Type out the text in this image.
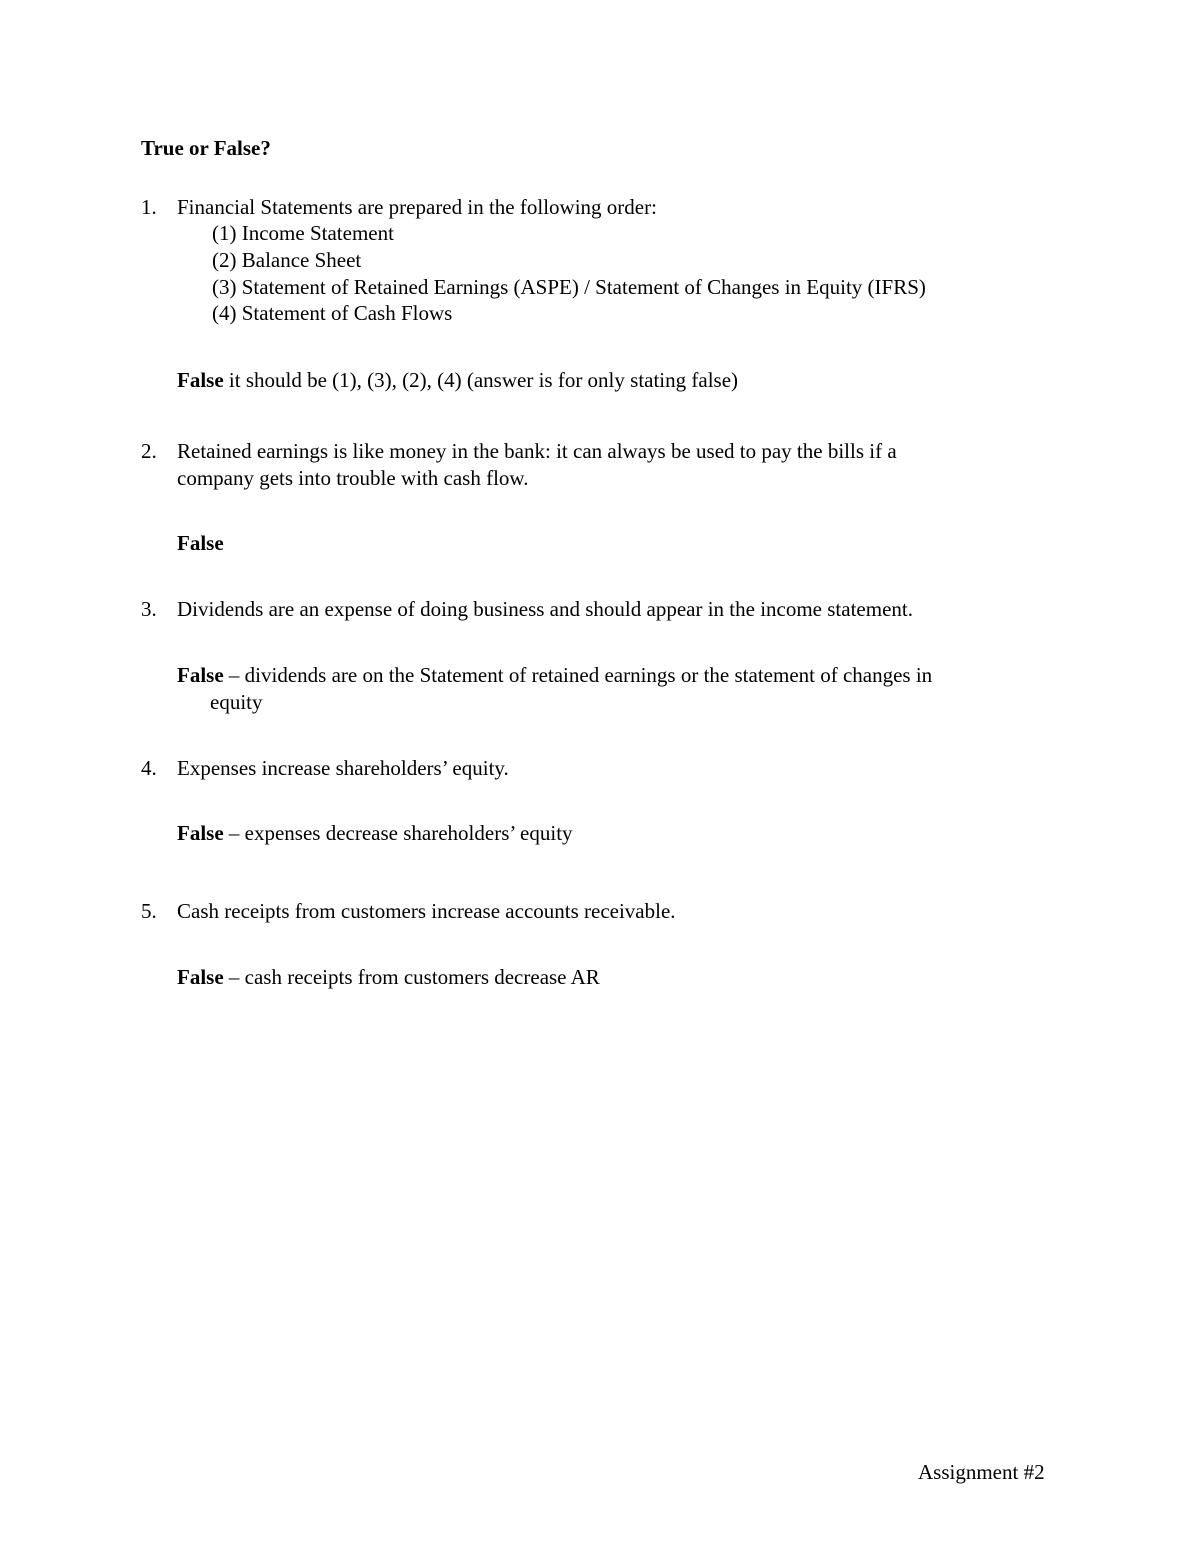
True or False?
1. Financial Statements are prepared in the following order:
(1) Income Statement
(2) Balance Sheet
(3) Statement of Retained Earnings (ASPE) / Statement of Changes in Equity (IFRS)
(4) Statement of Cash Flows
False it should be (1), (3), (2), (4) (answer is for only stating false)
2. Retained earnings is like money in the bank: it can always be used to pay the bills if a
company gets into trouble with cash flow.
False
3. Dividends are an expense of doing business and should appear in the income statement.
False – dividends are on the Statement of retained earnings or the statement of changes in
equity
4. Expenses increase shareholders’ equity.
False – expenses decrease shareholders’ equity
5. Cash receipts from customers increase accounts receivable.
False – cash receipts from customers decrease AR
Assignment #2
